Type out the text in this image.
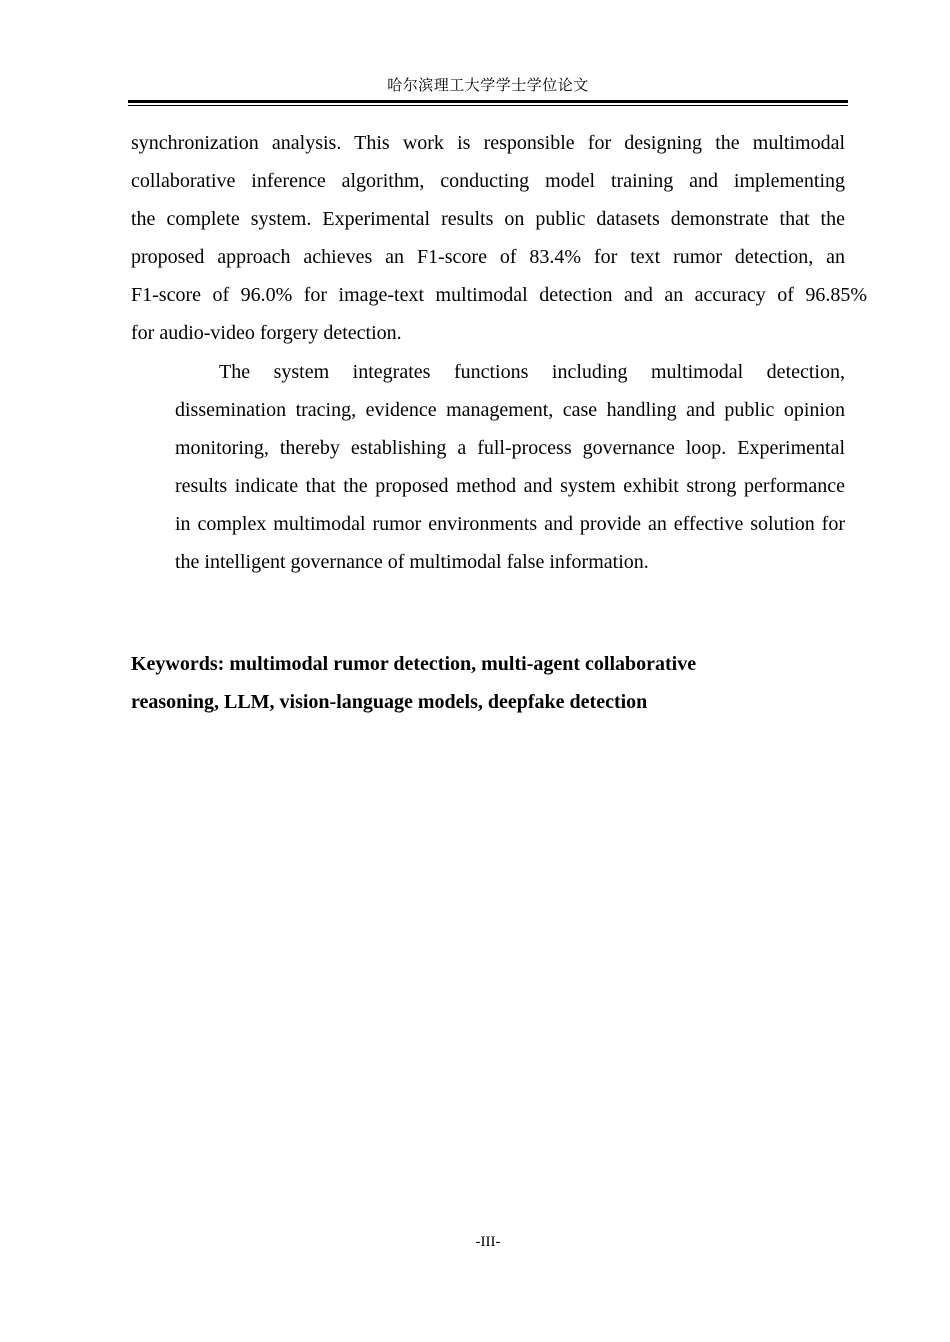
哈尔滨理工大学学士学位论文
synchronization analysis. This work is responsible for designing the multimodal
collaborative inference algorithm, conducting model training and implementing
the complete system. Experimental results on public datasets demonstrate that the
proposed approach achieves an F1-score of 83.4% for text rumor detection, an
F1-score of 96.0% for image-text multimodal detection and an accuracy of 96.85%
for audio-video forgery detection.
The system integrates functions including multimodal detection,
dissemination tracing, evidence management, case handling and public opinion
monitoring, thereby establishing a full-process governance loop. Experimental
results indicate that the proposed method and system exhibit strong performance
in complex multimodal rumor environments and provide an effective solution for
the intelligent governance of multimodal false information.
Keywords: multimodal rumor detection, multi-agent collaborative
reasoning, LLM, vision-language models, deepfake detection
-III-
